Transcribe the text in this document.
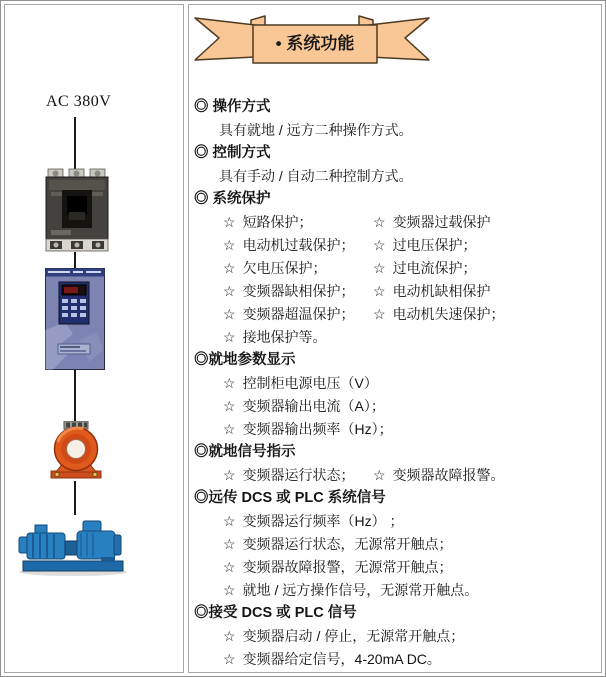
AC 380V
• 系统功能
◎ 操作方式
具有就地 / 远方二种操作方式。
◎ 控制方式
具有手动 / 自动二种控制方式。
◎ 系统保护
☆ 短路保护；	☆ 变频器过载保护
☆ 电动机过载保护； ☆ 过电压保护；
☆ 欠电压保护；	☆ 过电流保护；
☆ 变频器缺相保护； ☆ 电动机缺相保护
☆ 变频器超温保护； ☆ 电动机失速保护；
☆ 接地保护等。
◎就地参数显示
☆ 控制柜电源电压（V）
☆ 变频器输出电流（A）；
☆ 变频器输出频率（Hz）；
◎就地信号指示
☆ 变频器运行状态； ☆ 变频器故障报警。
◎远传 DCS 或 PLC 系统信号
☆ 变频器运行频率（Hz） ；
☆ 变频器运行状态，无源常开触点；
☆ 变频器故障报警，无源常开触点；
☆ 就地 / 远方操作信号，无源常开触点。
◎接受 DCS 或 PLC 信号
☆ 变频器启动 / 停止，无源常开触点；
☆ 变频器给定信号，4-20mA DC。
